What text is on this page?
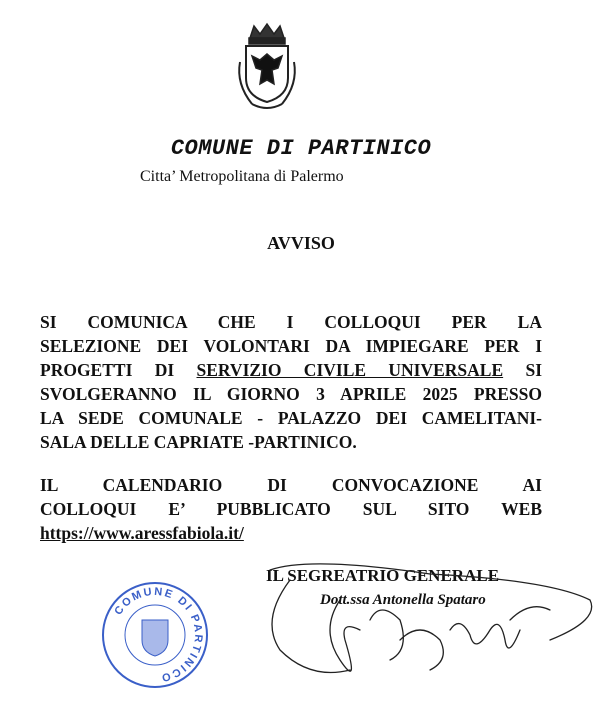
COMUNE DI PARTINICO
Citta’ Metropolitana di Palermo
AVVISO
SI COMUNICA CHE I COLLOQUI PER LA
SELEZIONE DEI VOLONTARI DA IMPIEGARE PER I
PROGETTI DI SERVIZIO CIVILE UNIVERSALE SI
SVOLGERANNO IL GIORNO 3 APRILE 2025 PRESSO
LA SEDE COMUNALE - PALAZZO DEI CAMELITANI-
SALA DELLE CAPRIATE -PARTINICO.
IL CALENDARIO DI CONVOCAZIONE AI
COLLOQUI E’ PUBBLICATO SUL SITO WEB
https://www.aressfabiola.it/
IL SEGREATRIO GENERALE
Dott.ssa Antonella Spataro
COMUNE DI PARTINICO
